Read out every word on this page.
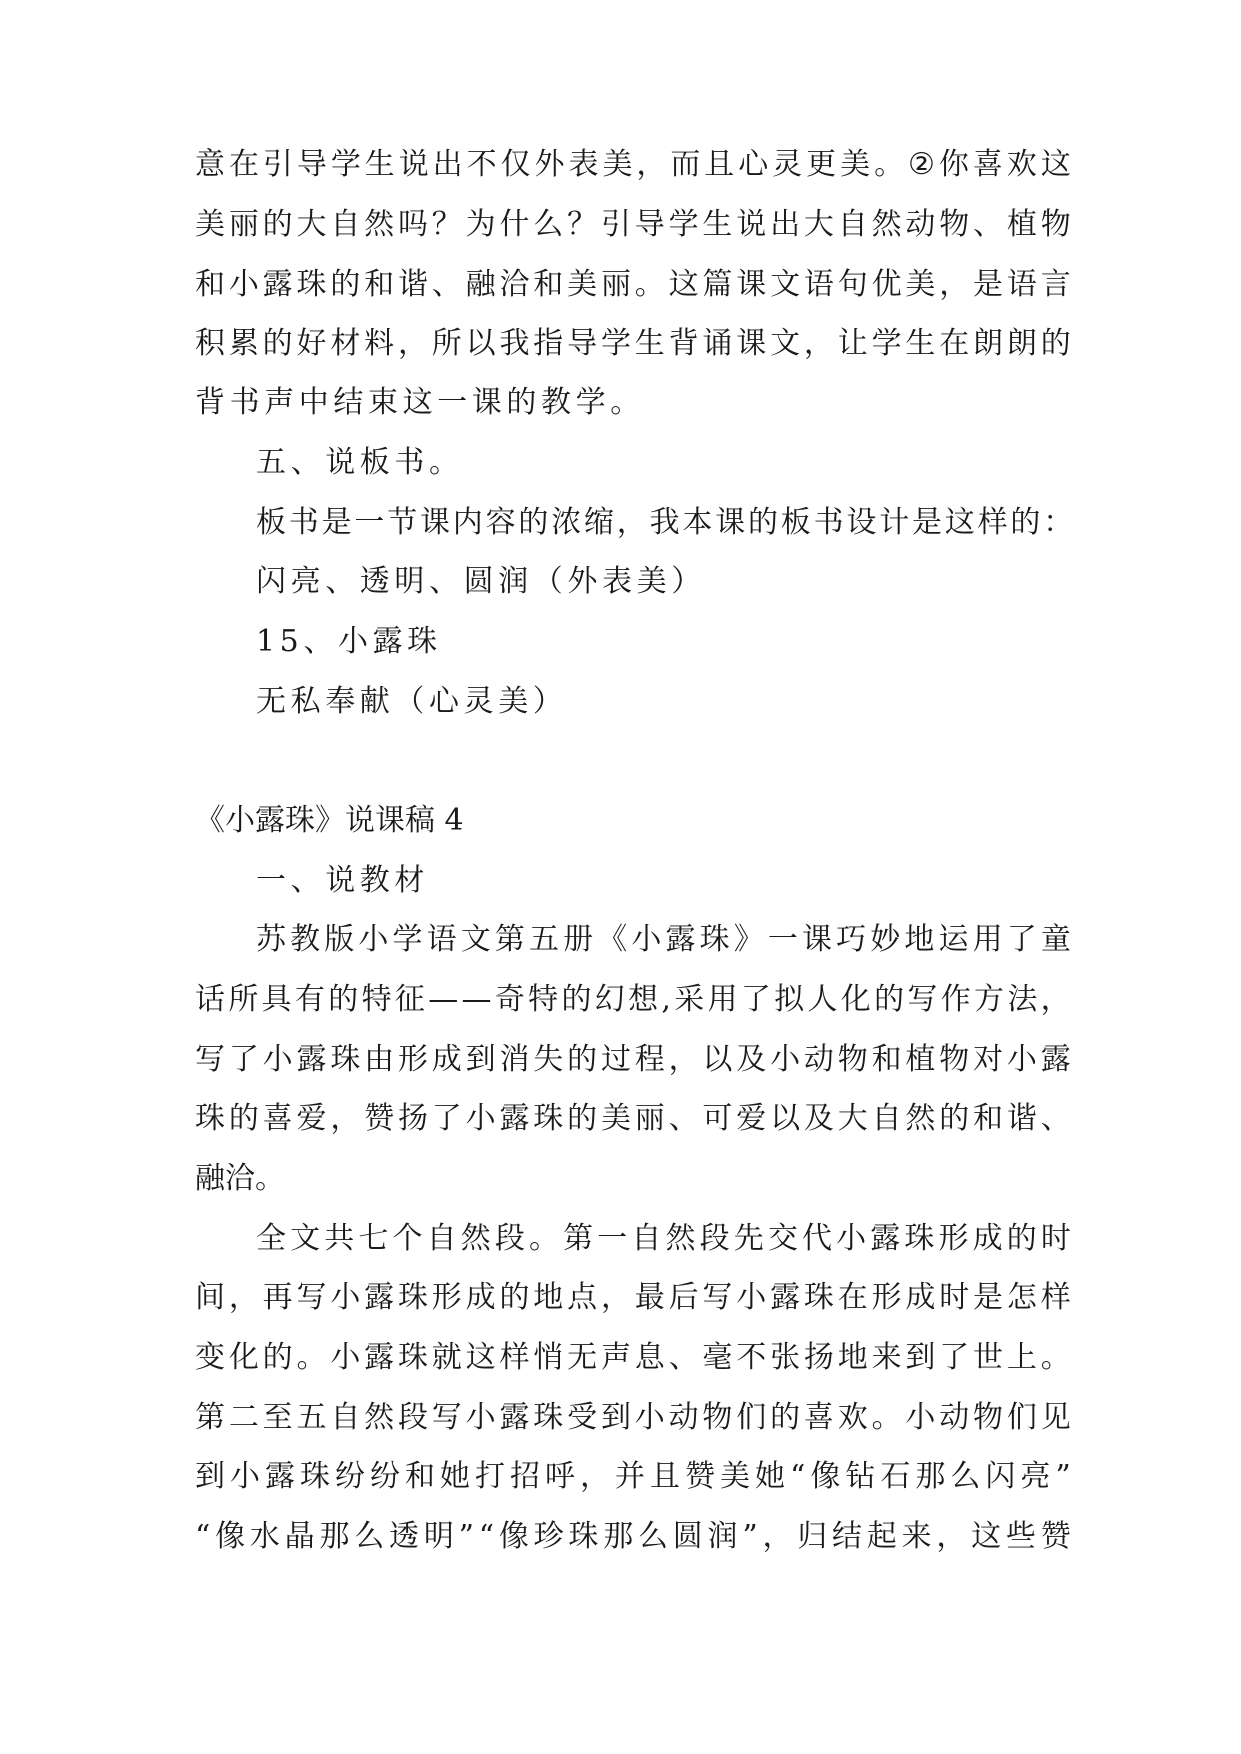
意 在 引 导 学 生 说 出 不 仅 外 表 美 ， 而 且 心 灵 更 美 。 ② 你 喜 欢 这

美 丽 的 大 自 然 吗 ？ 为 什 么 ？ 引 导 学 生 说 出 大 自 然 动 物 、 植 物

和 小 露 珠 的 和 谐 、 融 洽 和 美 丽 。 这 篇 课 文 语 句 优 美 ， 是 语 言

积 累 的 好 材 料 ， 所 以 我 指 导 学 生 背 诵 课 文 ， 让 学 生 在 朗 朗 的

背书声中结束这一课的教学。

五、说板书。

板书是一节课内容的浓缩，我本课的板书设计是这样的：

闪亮、透明、圆润（外表美）

15、小露珠

无私奉献（心灵美）

《小露珠》说课稿 4

一、说教材

苏 教 版 小 学 语 文 第 五 册 《 小 露 珠 》 一 课 巧 妙 地 运 用 了 童

话 所 具 有 的 特 征 — — 奇 特 的 幻 想 , 采 用 了 拟 人 化 的 写 作 方 法 ，

写 了 小 露 珠 由 形 成 到 消 失 的 过 程 ， 以 及 小 动 物 和 植 物 对 小 露

珠 的 喜 爱 ， 赞 扬 了 小 露 珠 的 美 丽 、 可 爱 以 及 大 自 然 的 和 谐 、

融洽。

全 文 共 七 个 自 然 段 。 第 一 自 然 段 先 交 代 小 露 珠 形 成 的 时

间 ， 再 写 小 露 珠 形 成 的 地 点 ， 最 后 写 小 露 珠 在 形 成 时 是 怎 样

变 化 的 。 小 露 珠 就 这 样 悄 无 声 息 、 毫 不 张 扬 地 来 到 了 世 上 。

第 二 至 五 自 然 段 写 小 露 珠 受 到 小 动 物 们 的 喜 欢 。 小 动 物 们 见

到 小 露 珠 纷 纷 和 她 打 招 呼 ， 并 且 赞 美 她 “ 像 钻 石 那 么 闪 亮 ”

“ 像 水 晶 那 么 透 明 ” “ 像 珍 珠 那 么 圆 润 ” ， 归 结 起 来 ， 这 些 赞
